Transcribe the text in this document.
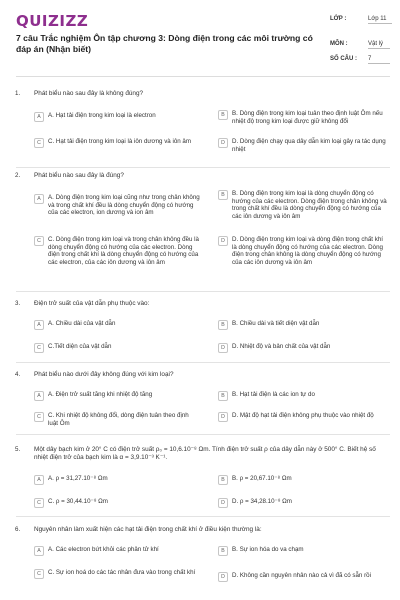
QUIZIZZ
7 câu Trắc nghiệm Ôn tập chương 3: Dòng điện trong các môi trường có đáp án (Nhận biết)
LỚP :	Lớp 11
MÔN :	Vật lý
SỐ CÂU : 7
1. Phát biểu nào sau đây là không đúng?
A	A. Hạt tải điện trong kim loại là electron	B	B. Dòng điện trong kim loại tuân theo định luật Ôm nếu nhiệt độ trong kim loại được giữ không đổi
C	C. Hạt tải điện trong kim loại là iôn dương và iôn âm	D	D. Dòng điện chạy qua dây dẫn kim loại gây ra tác dụng nhiệt
2. Phát biểu nào sau đây là đúng?
A	A. Dòng điện trong kim loại cũng như trong chân không và trong chất khí đều là dòng chuyển động có hướng của các electron, ion dương và ion âm
B	B. Dòng điện trong kim loại là dòng chuyển động có hướng của các electron. Dòng điện trong chân không và trong chất khí đều là dòng chuyển động có hướng của các iôn dương và iôn âm
C	C. Dòng điện trong kim loại và trong chân không đều là dòng chuyển động có hướng của các electron. Dòng điện trong chất khí là dòng chuyển động có hướng của các electron, của các iôn dương và iôn âm
D	D. Dòng điện trong kim loại và dòng điện trong chất khí là dòng chuyển động có hướng của các electron. Dòng điện trong chân không là dòng chuyển động có hướng của các iôn dương và iôn âm
3. Điện trở suất của vật dẫn phụ thuộc vào:
A	A. Chiều dài của vật dẫn	B	B. Chiều dài và tiết diện vật dẫn
C	C.Tiết diện của vật dẫn	D	D. Nhiệt độ và bản chất của vật dẫn
4. Phát biểu nào dưới đây không đúng với kim loại?
A	A. Điện trở suất tăng khi nhiệt độ tăng	B	B. Hạt tải điện là các ion tự do
C	C. Khi nhiệt độ không đổi, dòng điện tuân theo định luật Ôm
D	D. Mật độ hạt tải điện không phụ thuộc vào nhiệt độ
5. Một dây bạch kim ở 20° C có điện trở suất ρ₀ = 10,6.10⁻⁸ Ωm. Tính điện trở suất ρ của dây dẫn này ở 500° C. Biết hệ số nhiệt điện trở của bạch kim là α = 3,9.10⁻³ K⁻¹.
A	A. ρ = 31,27.10⁻⁸ Ωm	B	B. ρ = 20,67.10⁻⁸ Ωm
C	C. ρ = 30,44.10⁻⁸ Ωm	D	D. ρ = 34,28.10⁻⁸ Ωm
6. Nguyên nhân làm xuất hiện các hạt tải điện trong chất khí ở điều kiện thường là:
A	A. Các electron bứt khỏi các phân tử khí	B	B. Sự ion hóa do va chạm
C	C. Sự ion hoá do các tác nhân đưa vào trong chất khí
D	D. Không cần nguyên nhân nào cả vì đã có sẵn rồi
